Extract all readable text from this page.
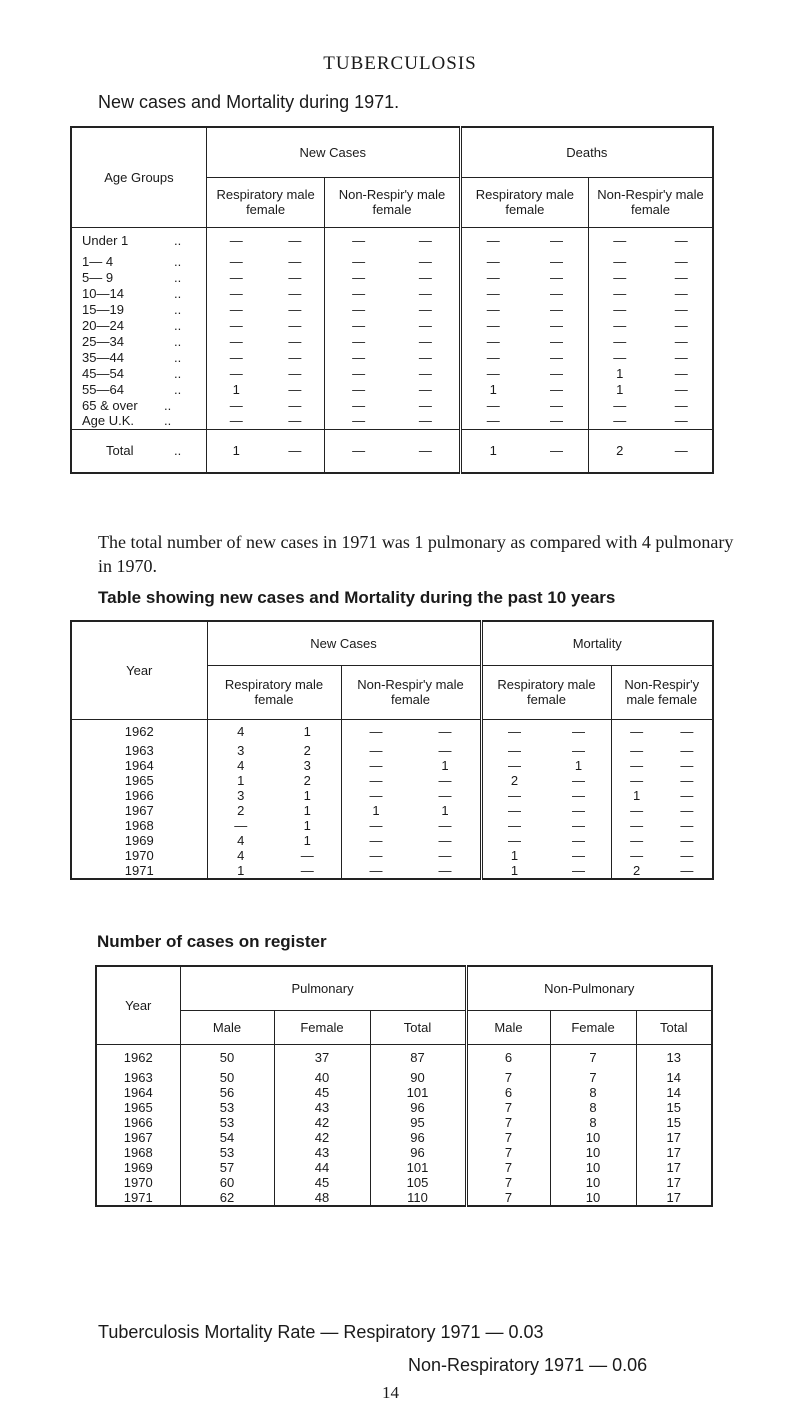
TUBERCULOSIS
New cases and Mortality during 1971.
Age Groups	New Cases		Deaths	
	Respiratory male female	Non-Respir'y male female	Respiratory male female	Non-Respir'y male female
Under 1 ..	— —	— —	— —	— —

1— 4 ..	— —	— —	— —	— —

5— 9 ..	— —	— —	— —	— —

10—14 ..	— —	— —	— —	— —

15—19 ..	— —	— —	— —	— —

20—24 ..	— —	— —	— —	— —

25—34 ..	— —	— —	— —	— —

35—44 ..	— —	— —	— —	— —

45—54 ..	— —	— —	— —	1 —

55—64 ..	1 —	— —	1 —	1 —

65 & over ..	— —	— —	— —	— —

Age U.K. ..	— —	— —	— —	— —

Total ..	1 —	— —	1 —	2 —
The total number of new cases in 1971 was 1 pulmonary as compared with 4 pulmonary in 1970.
Table showing new cases and Mortality during the past 10 years
Year	New Cases		Mortality	
	Respiratory male female	Non-Respir'y male female	Respiratory male female	Non-Respir'y male female
1962	4 1	— —	— —	— —

1963	3 2	— —	— —	— —

1964	4 3	— 1	— 1	— —

1965	1 2	— —	2 —	— —

1966	3 1	— —	— —	1 —

1967	2 1	1 1	— —	— —

1968	— 1	— —	— —	— —

1969	4 1	— —	— —	— —

1970	4 —	— —	1 —	— —

1971	1 —	— —	1 —	2 —
Number of cases on register
Year	Pulmonary			Non-Pulmonary		
	Male	Female	Total	Male	Female	Total
1962	50	37	87	6	7	13
1963	50	40	90	7	7	14
1964	56	45	101	6	8	14
1965	53	43	96	7	8	15
1966	53	42	95	7	8	15
1967	54	42	96	7	10	17
1968	53	43	96	7	10	17
1969	57	44	101	7	10	17
1970	60	45	105	7	10	17
1971	62	48	110	7	10	17
Tuberculosis Mortality Rate — Respiratory 1971 — 0.03
Non-Respiratory 1971 — 0.06
14
